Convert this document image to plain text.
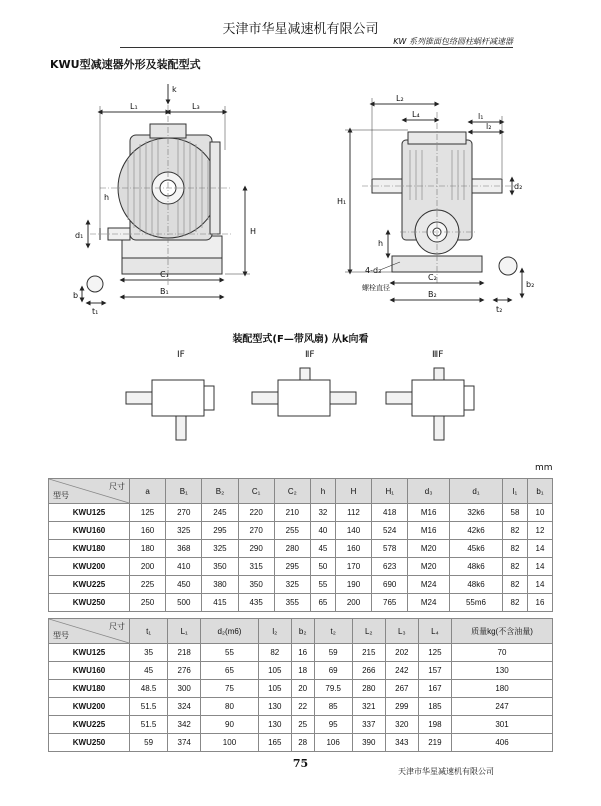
天津市华星减速机有限公司
KW 系列锥面包络圆柱蜗杆减速器
KWU型减速器外形及装配型式
k
L₁	L₃
h
d₁	H
b
t₁
C₁
B₁
L₂
L₄
l₂
l₁
d₂
H₁
h
4-d₃
螺栓直径
C₂
B₂
b₂
t₂
装配型式(F—带风扇) 从k向看
ⅠF	ⅡF	ⅢF
mm
尺寸
型号	a	B₁	B₂	C₁	C₂	h	H	H₁	d₃	d₁	l₁	b₁
KWU125	125	270	245	220	210	32	112	418	M16	32k6	58	10
KWU160	160	325	295	270	255	40	140	524	M16	42k6	82	12
KWU180	180	368	325	290	280	45	160	578	M20	45k6	82	14
KWU200	200	410	350	315	295	50	170	623	M20	48k6	82	14
KWU225	225	450	380	350	325	55	190	690	M24	48k6	82	14
KWU250	250	500	415	435	355	65	200	765	M24	55m6	82	16
尺寸
型号	t₁	L₁	d₂(m6)	l₂	b₂	t₂	L₂	L₃	L₄	质量kg(不含油量)
KWU125	35	218	55	82	16	59	215	202	125	70
KWU160	45	276	65	105	18	69	266	242	157	130
KWU180	48.5	300	75	105	20	79.5	280	267	167	180
KWU200	51.5	324	80	130	22	85	321	299	185	247
KWU225	51.5	342	90	130	25	95	337	320	198	301
KWU250	59	374	100	165	28	106	390	343	219	406
75
天津市华星减速机有限公司
